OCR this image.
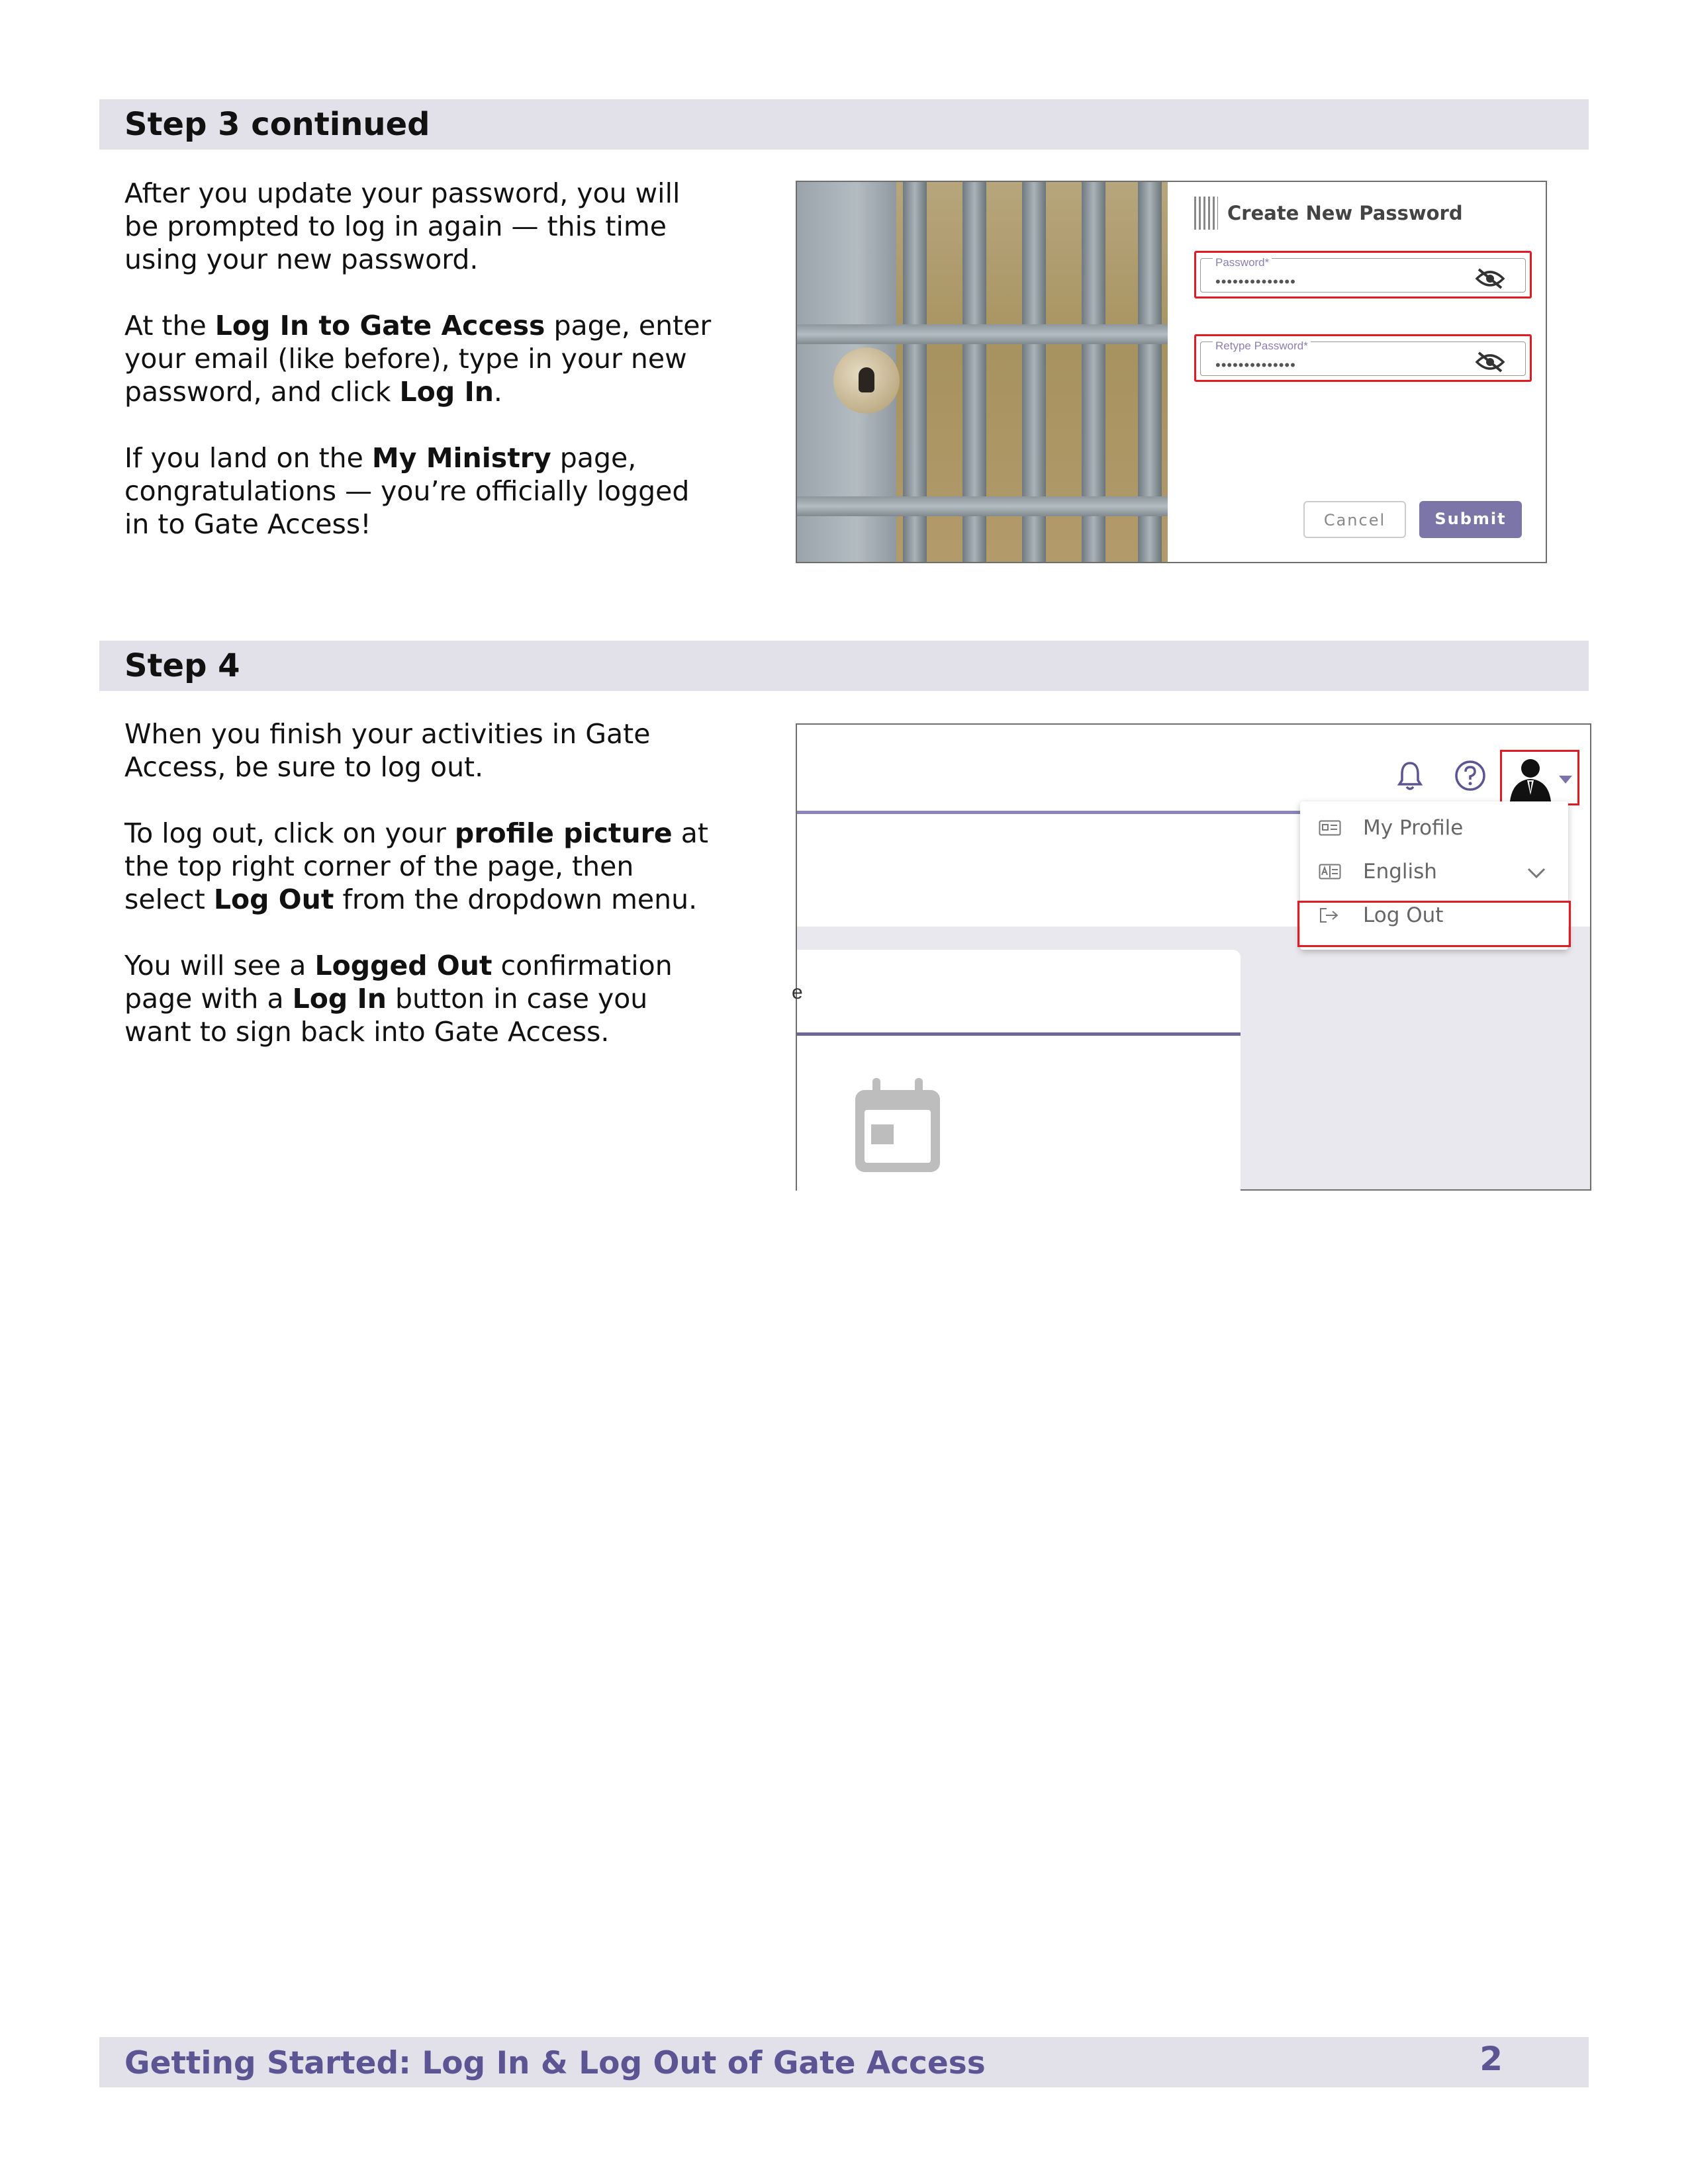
Step 3 continued

After you update your password, you will be prompted to log in again — this time using your new password.

At the Log In to Gate Access page, enter your email (like before), type in your new password, and click Log In.

If you land on the My Ministry page, congratulations — you’re officially logged in to Gate Access!

Create New Password
Password*
••••••••••••••
Retype Password*
••••••••••••••
Cancel	Submit
Step 4

When you finish your activities in Gate Access, be sure to log out.

To log out, click on your profile picture at the top right corner of the page, then select Log Out from the dropdown menu.

You will see a Logged Out confirmation page with a Log In button in case you want to sign back into Gate Access.

My Profile
English
Log Out
e
Getting Started: Log In & Log Out of Gate Access	2
